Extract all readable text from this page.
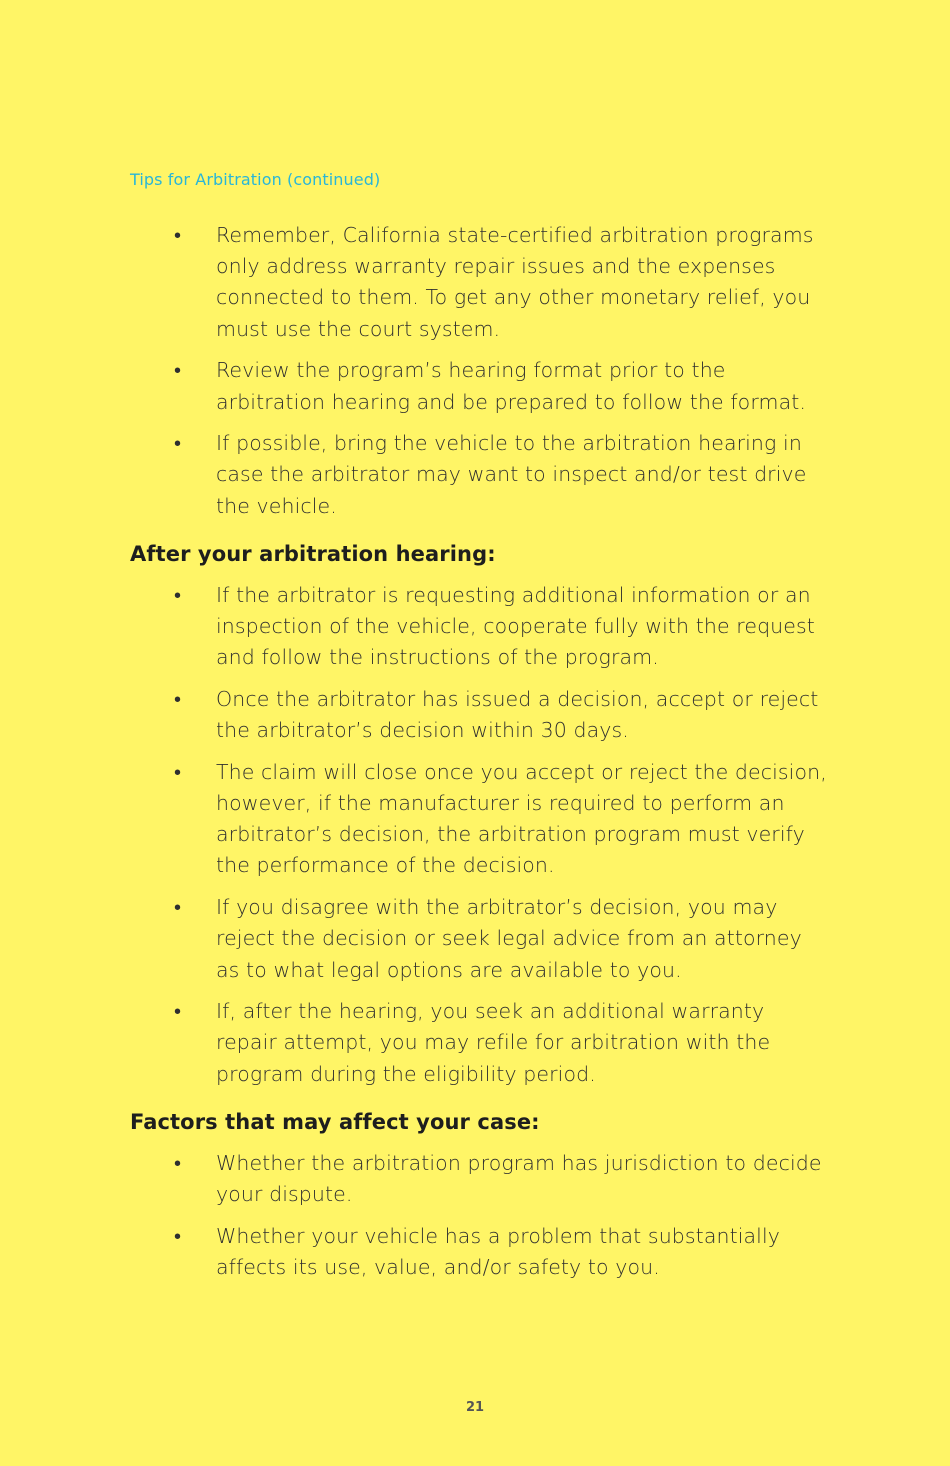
Tips for Arbitration (continued)
• Remember, California state-certified arbitration programs only address warranty repair issues and the expenses connected to them. To get any other monetary relief, you must use the court system.
• Review the program’s hearing format prior to the arbitration hearing and be prepared to follow the format.
• If possible, bring the vehicle to the arbitration hearing in case the arbitrator may want to inspect and/or test drive the vehicle.
After your arbitration hearing:
• If the arbitrator is requesting additional information or an inspection of the vehicle, cooperate fully with the request and follow the instructions of the program.
• Once the arbitrator has issued a decision, accept or reject the arbitrator’s decision within 30 days.
• The claim will close once you accept or reject the decision, however, if the manufacturer is required to perform an arbitrator’s decision, the arbitration program must verify the performance of the decision.
• If you disagree with the arbitrator’s decision, you may reject the decision or seek legal advice from an attorney as to what legal options are available to you.
• If, after the hearing, you seek an additional warranty repair attempt, you may refile for arbitration with the program during the eligibility period.
Factors that may affect your case:
• Whether the arbitration program has jurisdiction to decide your dispute.
• Whether your vehicle has a problem that substantially affects its use, value, and/or safety to you.
21
